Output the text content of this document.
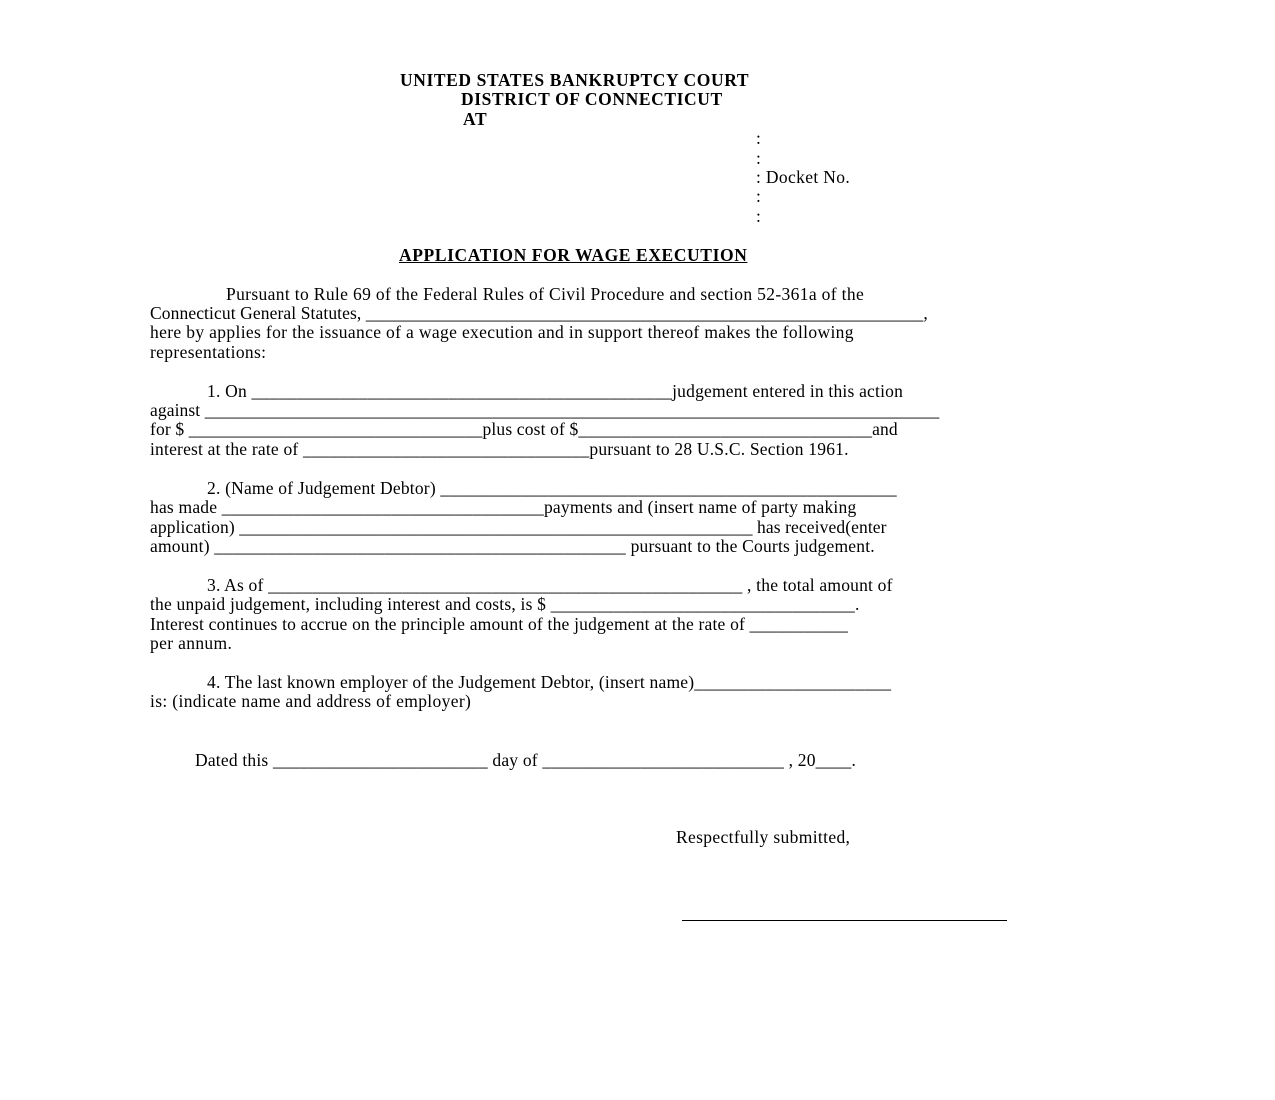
UNITED STATES BANKRUPTCY COURT
DISTRICT OF CONNECTICUT
AT
:
:
: Docket No.
:
:
APPLICATION FOR WAGE EXECUTION
Pursuant to Rule 69 of the Federal Rules of Civil Procedure and section 52-361a of the
Connecticut General Statutes, _______________________________________________________________,
here by applies for the issuance of a wage execution and in support thereof makes the following
representations:
1. On _______________________________________________judgement entered in this action
against ___________________________________________________________________________________
for $ _________________________________plus cost of $_________________________________and
interest at the rate of ________________________________pursuant to 28 U.S.C. Section 1961.
2. (Name of Judgement Debtor) ___________________________________________________
has made ____________________________________payments and (insert name of party making
application) __________________________________________________________ has received(enter
amount) ______________________________________________ pursuant to the Courts judgement.
3. As of _____________________________________________________ , the total amount of
the unpaid judgement, including interest and costs, is $ __________________________________.
Interest continues to accrue on the principle amount of the judgement at the rate of ___________
per annum.
4. The last known employer of the Judgement Debtor, (insert name)______________________
is: (indicate name and address of employer)
Dated this ________________________ day of ___________________________ , 20____.
Respectfully submitted,
